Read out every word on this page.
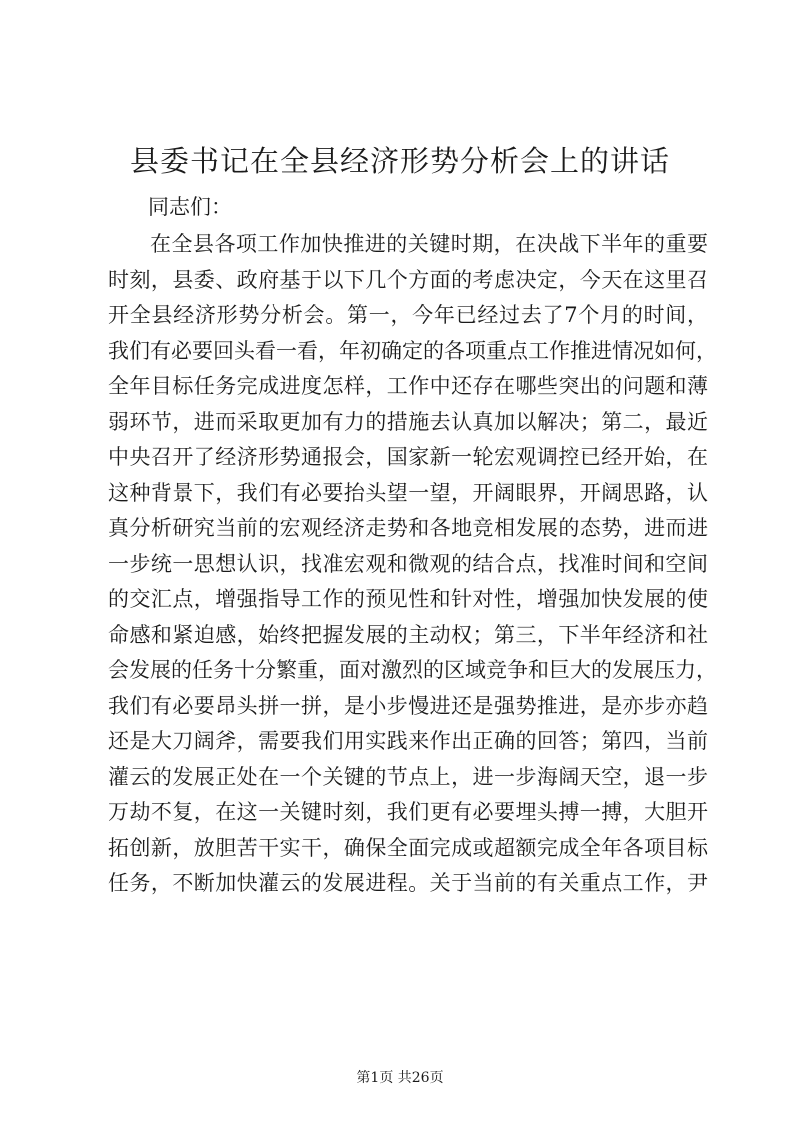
县委书记在全县经济形势分析会上的讲话

同志们：

在全县各项工作加快推进的关键时期，在决战下半年的重要
时刻，县委、政府基于以下几个方面的考虑决定，今天在这里召
开全县经济形势分析会。第一，今年已经过去了7个月的时间，
我们有必要回头看一看，年初确定的各项重点工作推进情况如何，
全年目标任务完成进度怎样，工作中还存在哪些突出的问题和薄
弱环节，进而采取更加有力的措施去认真加以解决；第二，最近
中央召开了经济形势通报会，国家新一轮宏观调控已经开始，在
这种背景下，我们有必要抬头望一望，开阔眼界，开阔思路，认
真分析研究当前的宏观经济走势和各地竞相发展的态势，进而进
一步统一思想认识，找准宏观和微观的结合点，找准时间和空间
的交汇点，增强指导工作的预见性和针对性，增强加快发展的使
命感和紧迫感，始终把握发展的主动权；第三，下半年经济和社
会发展的任务十分繁重，面对激烈的区域竞争和巨大的发展压力，
我们有必要昂头拼一拼，是小步慢进还是强势推进，是亦步亦趋
还是大刀阔斧，需要我们用实践来作出正确的回答；第四，当前
灌云的发展正处在一个关键的节点上，进一步海阔天空，退一步
万劫不复，在这一关键时刻，我们更有必要埋头搏一搏，大胆开
拓创新，放胆苦干实干，确保全面完成或超额完成全年各项目标
任务，不断加快灌云的发展进程。关于当前的有关重点工作，尹
第1页 共26页
